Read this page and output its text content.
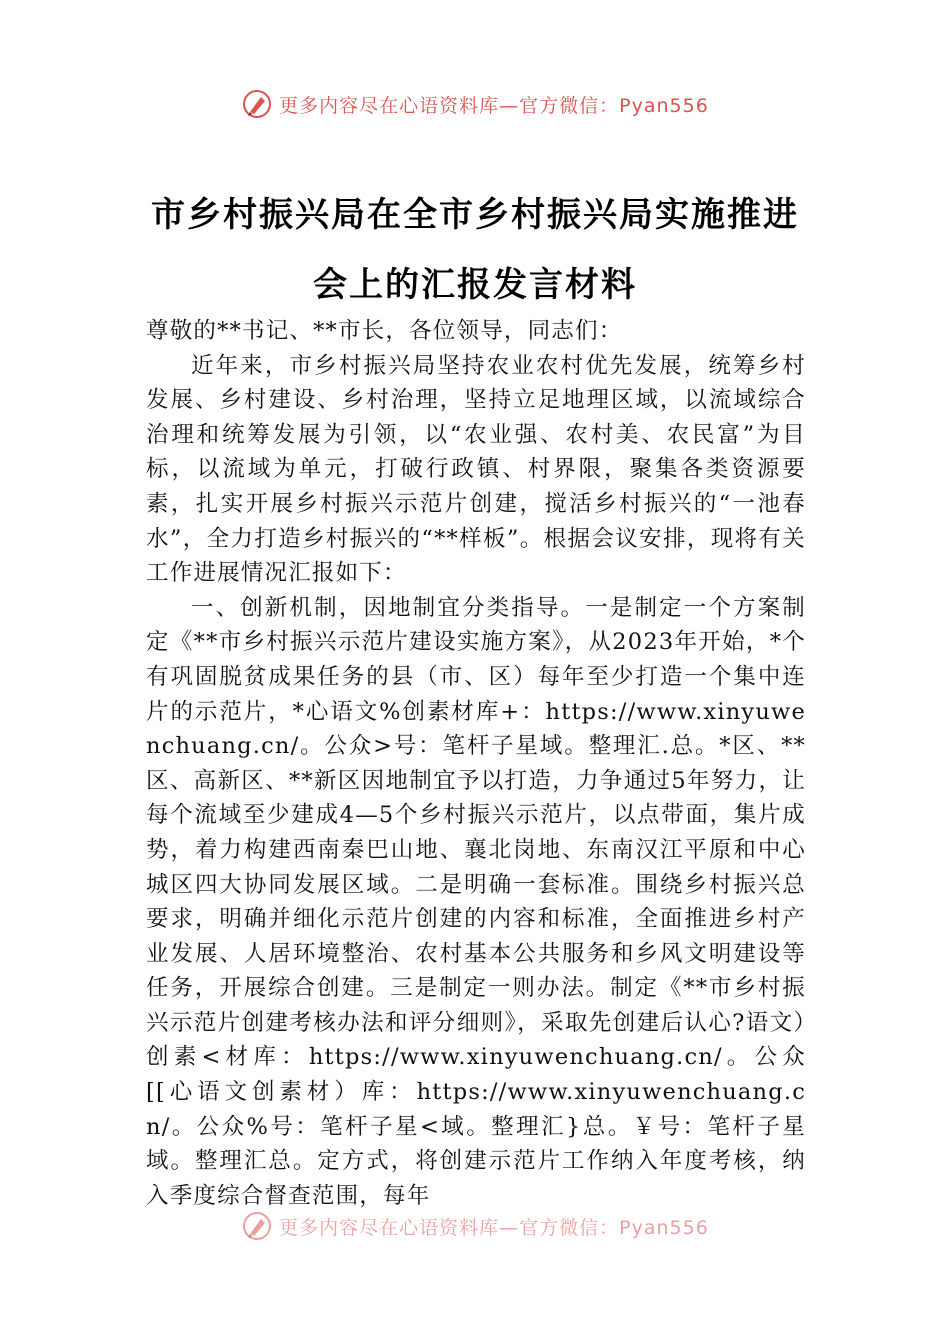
更多内容尽在心语资料库—官方微信：Pyan556
市乡村振兴局在全市乡村振兴局实施推进
会上的汇报发言材料

尊敬的**书记、**市长，各位领导，同志们：

近年来，市乡村振兴局坚持农业农村优先发展，统筹乡村发展、乡村建设、乡村治理，坚持立足地理区域，以流域综合治理和统筹发展为引领，以“农业强、农村美、农民富”为目标，以流域为单元，打破行政镇、村界限，聚集各类资源要素，扎实开展乡村振兴示范片创建，搅活乡村振兴的“一池春水”，全力打造乡村振兴的“**样板”。根据会议安排，现将有关工作进展情况汇报如下：

一、创新机制，因地制宜分类指导。一是制定一个方案制定《**市乡村振兴示范片建设实施方案》，从2023年开始，*个有巩固脱贫成果任务的县（市、区）每年至少打造一个集中连片的示范片，*心语文%创素材库+：https://www.xinyuwenchuang.cn/。公众>号：笔杆子星域。整理汇.总。*区、**区、高新区、**新区因地制宜予以打造，力争通过5年努力，让每个流域至少建成4—5个乡村振兴示范片，以点带面，集片成势，着力构建西南秦巴山地、襄北岗地、东南汉江平原和中心城区四大协同发展区域。二是明确一套标准。围绕乡村振兴总要求，明确并细化示范片创建的内容和标准，全面推进乡村产业发展、人居环境整治、农村基本公共服务和乡风文明建设等任务，开展综合创建。三是制定一则办法。制定《**市乡村振兴示范片创建考核办法和评分细则》，采取先创建后认心?语文）创素<材库：https://www.xinyuwenchuang.cn/。公众[[心语文创素材）库：https://www.xinyuwenchuang.cn/。公众%号：笔杆子星<域。整理汇}总。￥号：笔杆子星域。整理汇总。定方式，将创建示范片工作纳入年度考核，纳入季度综合督查范围，每年

更多内容尽在心语资料库—官方微信：Pyan556
